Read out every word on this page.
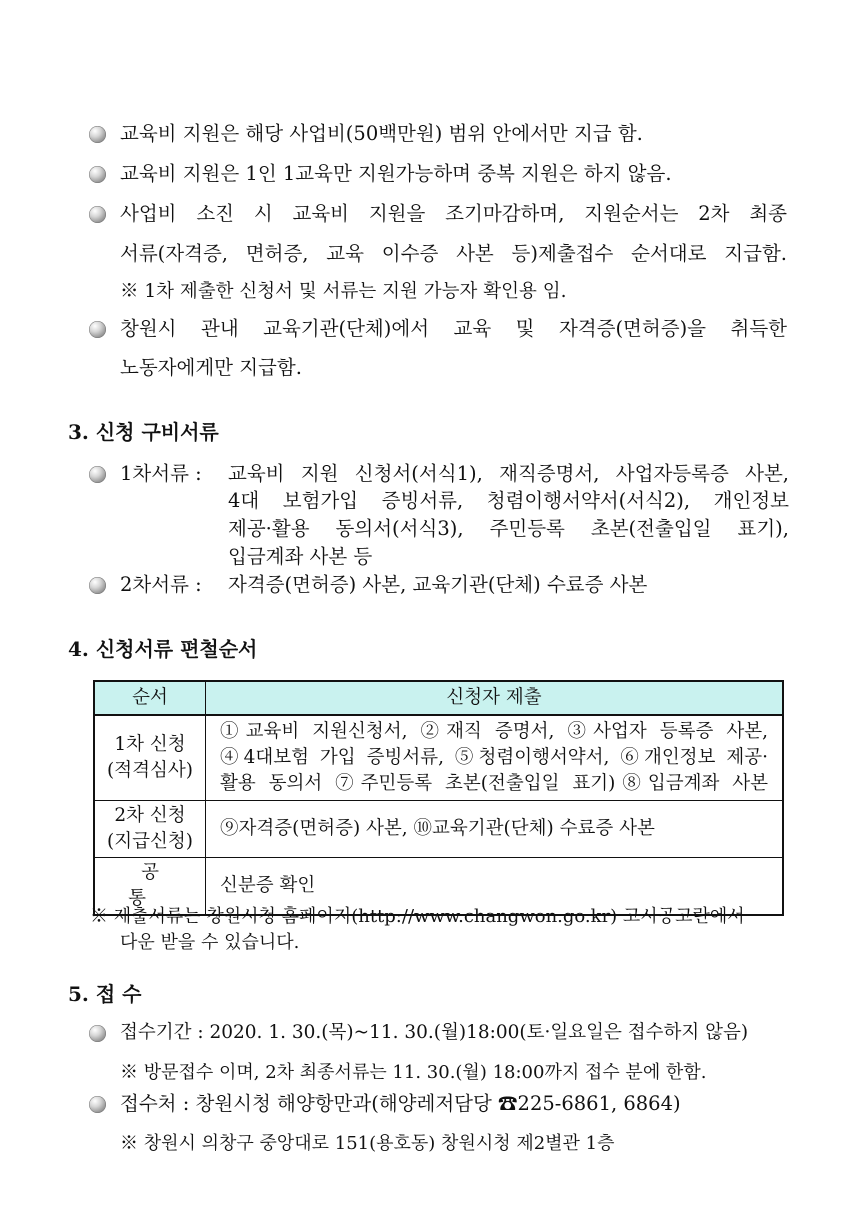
교육비 지원은 해당 사업비(50백만원) 범위 안에서만 지급 함.
교육비 지원은 1인 1교육만 지원가능하며 중복 지원은 하지 않음.
사업비 소진 시 교육비 지원을 조기마감하며, 지원순서는 2차 최종
서류(자격증, 면허증, 교육 이수증 사본 등)제출접수 순서대로 지급함.
※ 1차 제출한 신청서 및 서류는 지원 가능자 확인용 임.
창원시 관내 교육기관(단체)에서 교육 및 자격증(면허증)을 취득한
노동자에게만 지급함.
3. 신청 구비서류
1차서류 : 교육비 지원 신청서(서식1), 재직증명서, 사업자등록증 사본,
4대 보험가입 증빙서류, 청렴이행서약서(서식2), 개인정보
제공·활용 동의서(서식3), 주민등록 초본(전출입일 표기),
입금계좌 사본 등
2차서류 : 자격증(면허증) 사본, 교육기관(단체) 수료증 사본
4. 신청서류 편철순서
순서	신청자 제출

1차 신청
(적격심사)	①교육비 지원신청서, ②재직 증명서, ③사업자 등록증 사본,
④4대보험 가입 증빙서류, ⑤청렴이행서약서, ⑥개인정보 제공·
활용 동의서 ⑦주민등록 초본(전출입일 표기)⑧입금계좌 사본

2차 신청
(지급신청)	⑨자격증(면허증) 사본, ⑩교육기관(단체) 수료증 사본

공통	신분증 확인
※ 제출서류는 창원시청 홈페이지(http://www.changwon.go.kr) 고시공고란에서
다운 받을 수 있습니다.
5. 접 수
접수기간 : 2020. 1. 30.(목)~11. 30.(월)18:00(토·일요일은 접수하지 않음)
※ 방문접수 이며, 2차 최종서류는 11. 30.(월) 18:00까지 접수 분에 한함.
접수처 : 창원시청 해양항만과(해양레저담당 ☎225-6861, 6864)
※ 창원시 의창구 중앙대로 151(용호동) 창원시청 제2별관 1층
